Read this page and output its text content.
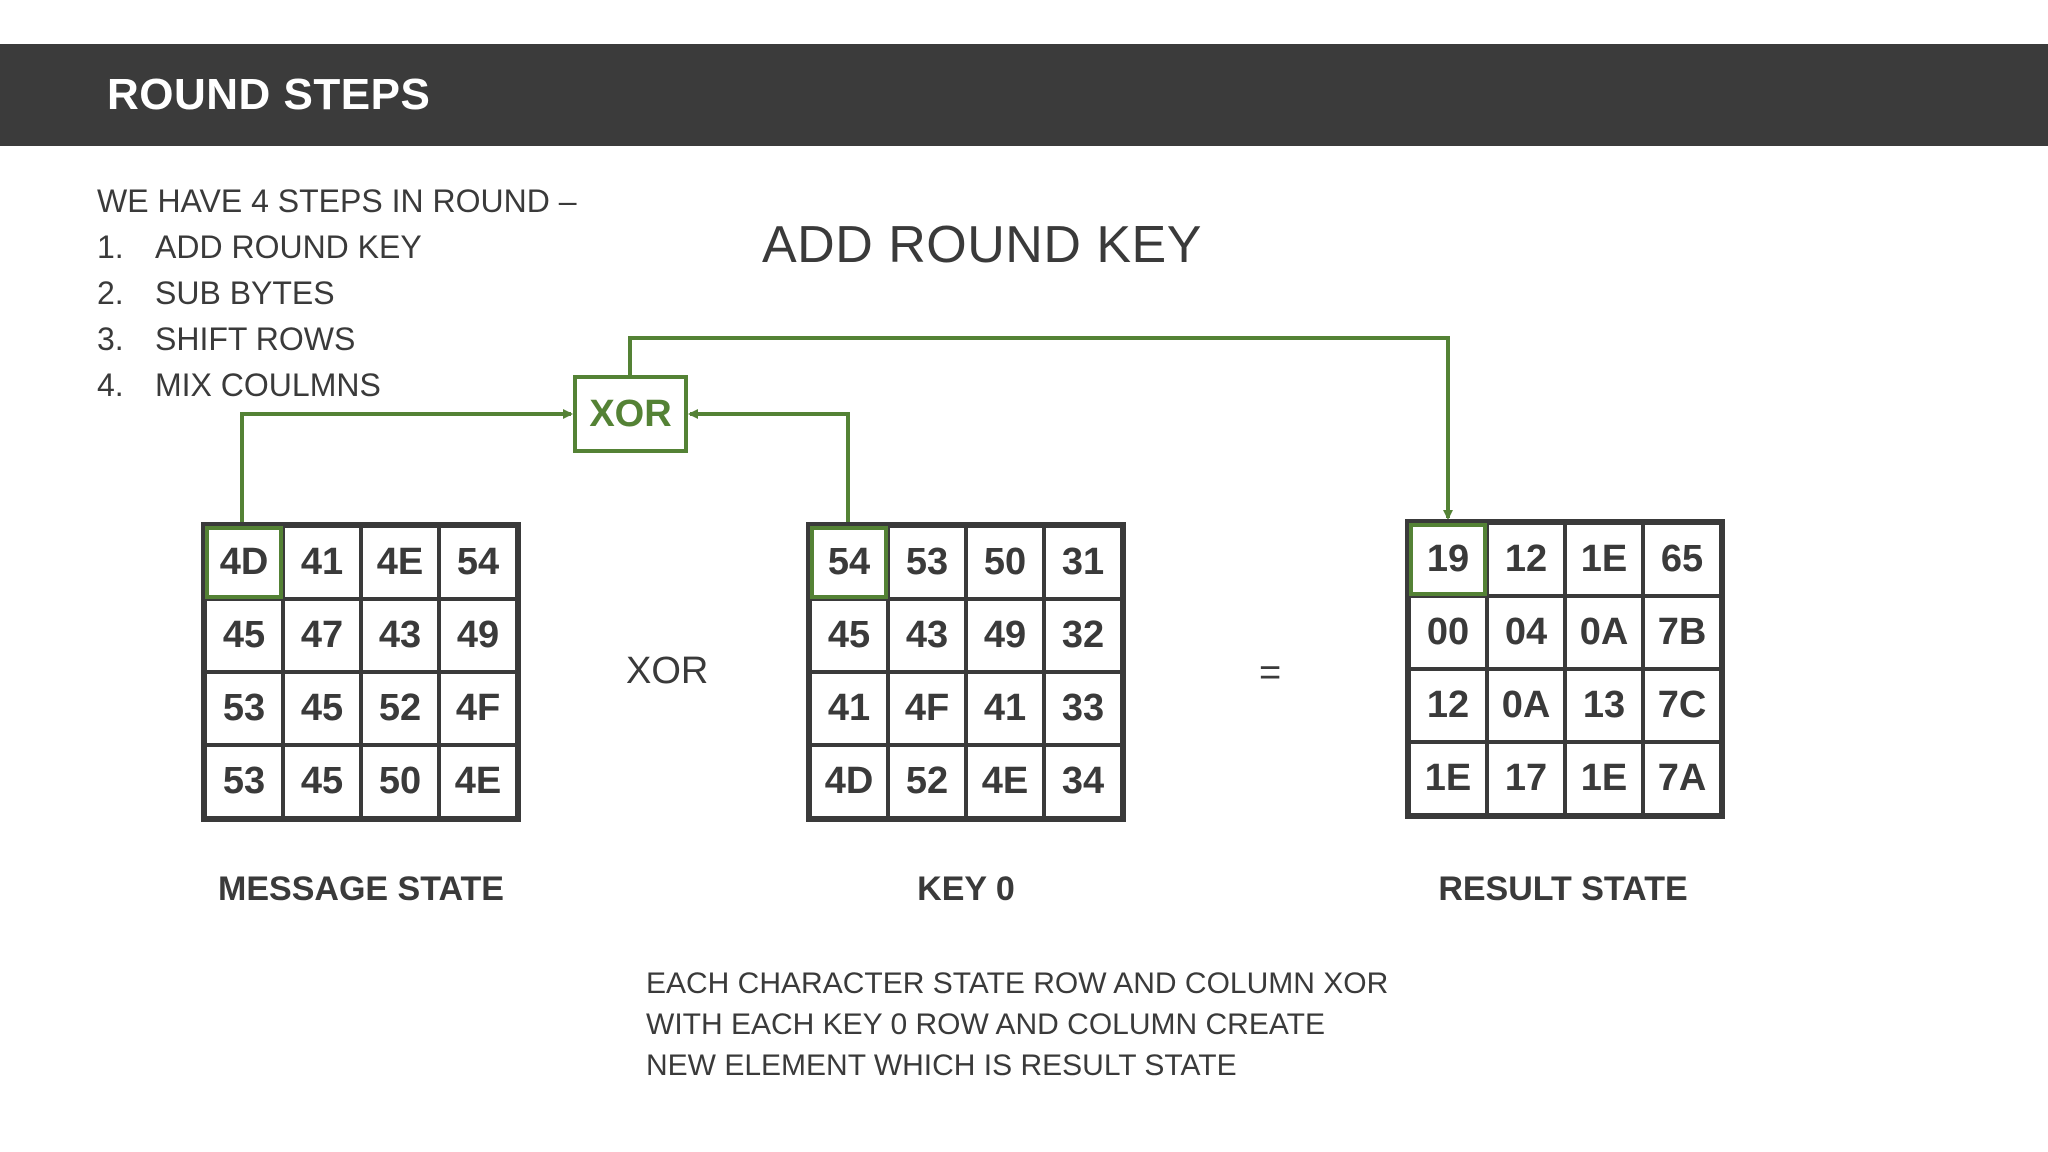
ROUND STEPS
WE HAVE 4 STEPS IN ROUND –
1. ADD ROUND KEY
2. SUB BYTES
3. SHIFT ROWS
4. MIX COULMNS
ADD ROUND KEY
XOR
4D 41 4E 54
45 47 43 49
53 45 52 4F
53 45 50 4E
54 53 50 31
45 43 49 32
41 4F 41 33
4D 52 4E 34
19 12 1E 65
00 04 0A 7B
12 0A 13 7C
1E 17 1E 7A
XOR	=
MESSAGE STATE	KEY 0	RESULT STATE
EACH CHARACTER STATE ROW AND COLUMN XOR
WITH EACH KEY 0 ROW AND COLUMN CREATE
NEW ELEMENT WHICH IS RESULT STATE
